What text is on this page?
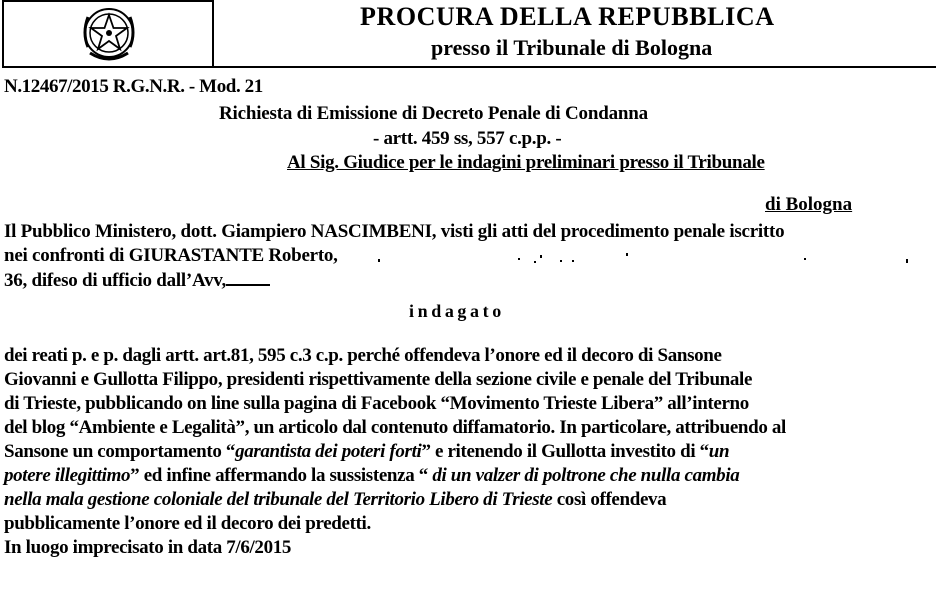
PROCURA DELLA REPUBBLICA
presso il Tribunale di Bologna
N.12467/2015 R.G.N.R. - Mod. 21
Richiesta di Emissione di Decreto Penale di Condanna
- artt. 459 ss, 557 c.p.p. -
Al Sig. Giudice per le indagini preliminari presso il Tribunale
di Bologna
Il Pubblico Ministero, dott. Giampiero NASCIMBENI, visti gli atti del procedimento penale iscritto
nei confronti di GIURASTANTE Roberto,
36, difeso di ufficio dall’Avv,
indagato
dei reati p. e p. dagli artt. art.81, 595 c.3 c.p. perché offendeva l’onore ed il decoro di Sansone
Giovanni e Gullotta Filippo, presidenti rispettivamente della sezione civile e penale del Tribunale
di Trieste, pubblicando on line sulla pagina di Facebook “Movimento Trieste Libera” all’interno
del blog “Ambiente e Legalità”, un articolo dal contenuto diffamatorio. In particolare, attribuendo al
Sansone un comportamento “garantista dei poteri forti” e ritenendo il Gullotta investito di “un
potere illegittimo” ed infine affermando la sussistenza “ di un valzer di poltrone che nulla cambia
nella mala gestione coloniale del tribunale del Territorio Libero di Trieste così offendeva
pubblicamente l’onore ed il decoro dei predetti.
In luogo imprecisato in data 7/6/2015
